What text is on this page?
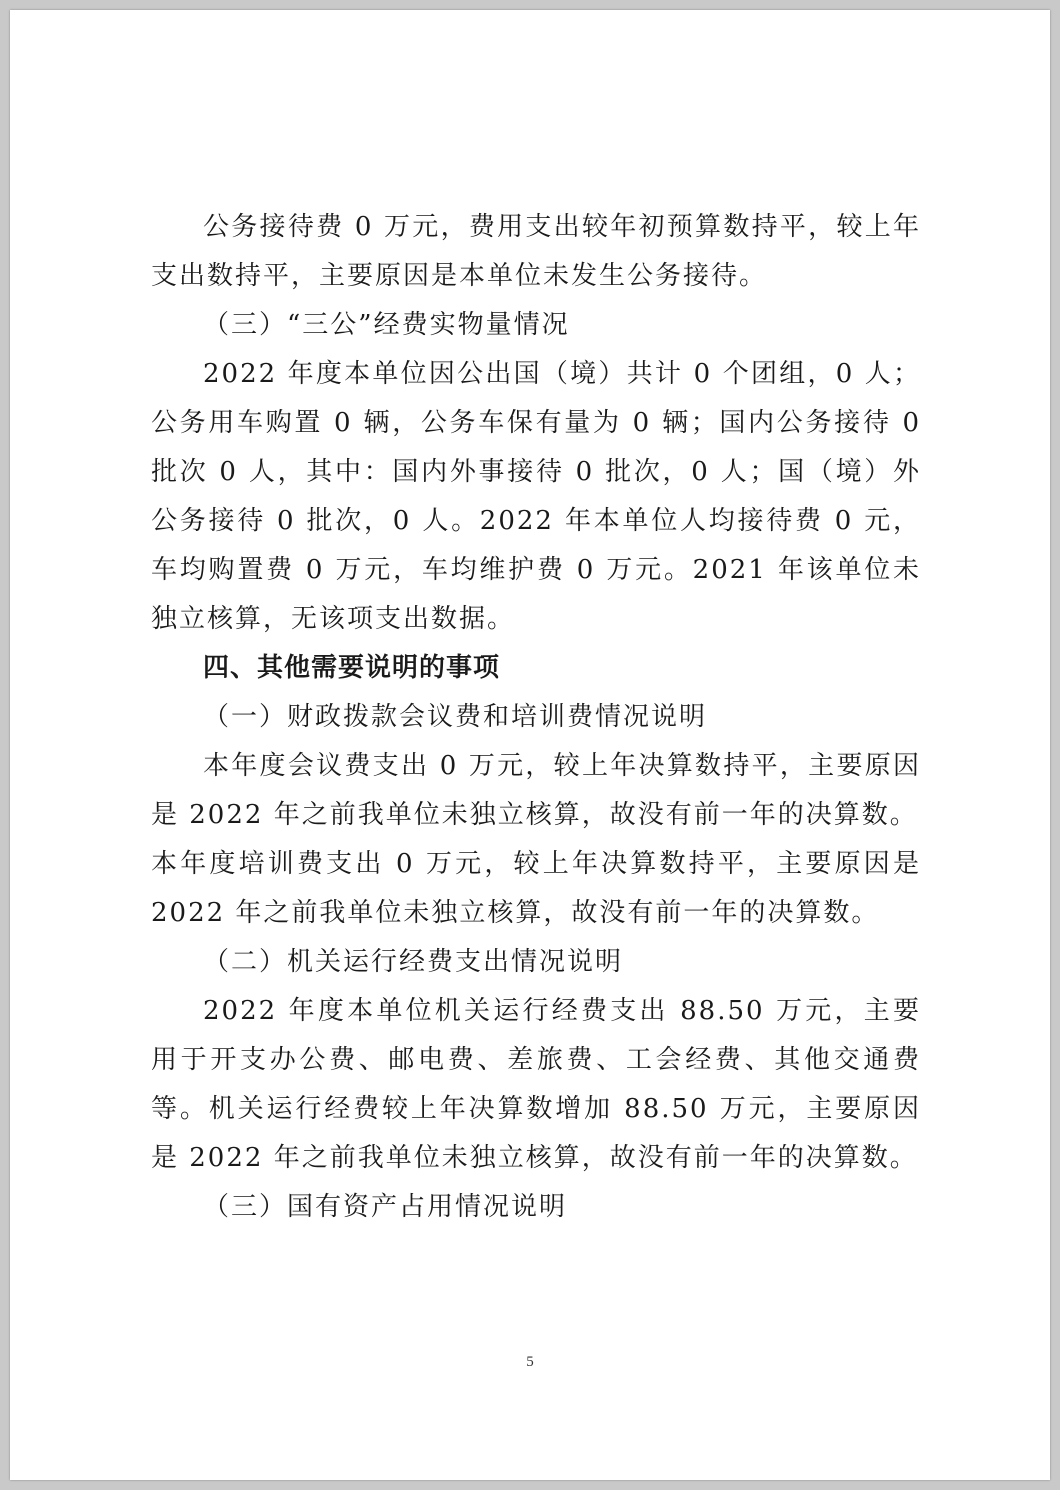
公务接待费 0 万元，费用支出较年初预算数持平，较上年支出数持平，主要原因是本单位未发生公务接待。

（三）“三公”经费实物量情况

2022 年度本单位因公出国（境）共计 0 个团组，0 人；公务用车购置 0 辆，公务车保有量为 0 辆；国内公务接待 0 批次 0 人，其中：国内外事接待 0 批次，0 人；国（境）外公务接待 0 批次，0 人。2022 年本单位人均接待费 0 元，车均购置费 0 万元，车均维护费 0 万元。2021 年该单位未独立核算，无该项支出数据。

四、其他需要说明的事项

（一）财政拨款会议费和培训费情况说明

本年度会议费支出 0 万元，较上年决算数持平，主要原因是 2022 年之前我单位未独立核算，故没有前一年的决算数。

本年度培训费支出 0 万元，较上年决算数持平，主要原因是2022 年之前我单位未独立核算，故没有前一年的决算数。

（二）机关运行经费支出情况说明

2022 年度本单位机关运行经费支出 88.50 万元，主要用于开支办公费、邮电费、差旅费、工会经费、其他交通费等。机关运行经费较上年决算数增加 88.50 万元，主要原因是 2022 年之前我单位未独立核算，故没有前一年的决算数。

（三）国有资产占用情况说明

5
